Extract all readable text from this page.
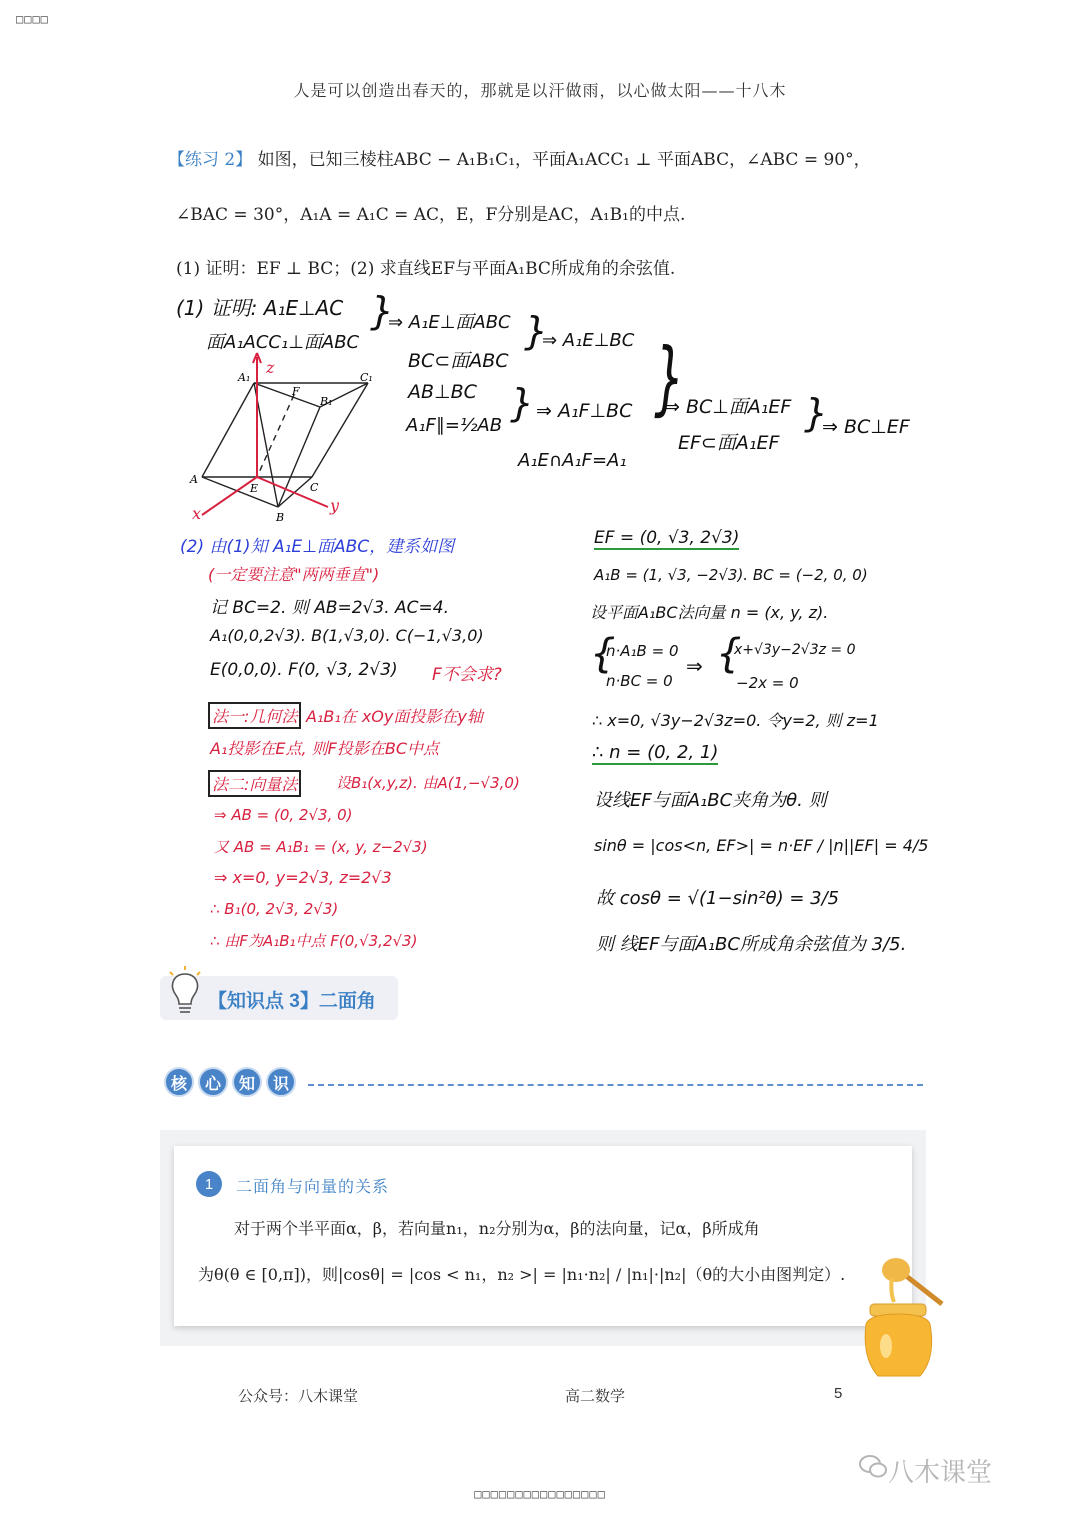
□□□□
人是可以创造出春天的，那就是以汗做雨，以心做太阳——十八木
【练习 2】 如图，已知三棱柱ABC − A₁B₁C₁，平面A₁ACC₁ ⊥ 平面ABC，∠ABC = 90°，
∠BAC = 30°，A₁A = A₁C = AC，E，F分别是AC，A₁B₁的中点.
(1) 证明：EF ⊥ BC；(2) 求直线EF与平面A₁BC所成角的余弦值.
z
x	y
A₁	C₁
B₁
F
A
E	C
B
(1) 证明: A₁E⊥AC
面A₁ACC₁⊥面ABC
}
⇒ A₁E⊥面ABC
BC⊂面ABC
}
⇒ A₁E⊥BC
AB⊥BC
A₁F∥=½AB
} ⇒ A₁F⊥BC
A₁E∩A₁F=A₁
}
⇒ BC⊥面A₁EF
EF⊂面A₁EF
}
⇒ BC⊥EF
(2) 由(1)知 A₁E⊥面ABC，建系如图
(一定要注意"两两垂直")
记 BC=2. 则 AB=2√3. AC=4.
A₁(0,0,2√3). B(1,√3,0). C(−1,√3,0)
E(0,0,0). F(0, √3, 2√3) F不会求?
法一:几何法 A₁B₁在 xOy面投影在y轴
A₁投影在E点, 则F投影在BC中点
法二:向量法	设B₁(x,y,z). 由A(1,−√3,0)
⇒ AB = (0, 2√3, 0)
又 AB = A₁B₁ = (x, y, z−2√3)
⇒ x=0, y=2√3, z=2√3
∴ B₁(0, 2√3, 2√3)
∴ 由F为A₁B₁中点 F(0,√3,2√3)
EF = (0, √3, 2√3)
A₁B = (1, √3, −2√3). BC = (−2, 0, 0)
设平面A₁BC法向量 n = (x, y, z).
{
n·A₁B = 0
n·BC = 0
⇒ {
x+√3y−2√3z = 0
−2x = 0
∴ x=0, √3y−2√3z=0. 令y=2, 则 z=1
∴ n = (0, 2, 1)
设线EF与面A₁BC夹角为θ. 则
sinθ = |cos<n, EF>| = n·EF / |n||EF| = 4/5
故 cosθ = √(1−sin²θ) = 3/5
则 线EF与面A₁BC所成角余弦值为 3/5.
【知识点 3】二面角
核	心	知	识
1	二面角与向量的关系
对于两个半平面α，β，若向量n₁，n₂分别为α，β的法向量，记α，β所成角
为θ(θ ∈ [0,π])，则|cosθ| = |cos < n₁，n₂ >| = |n₁·n₂| / |n₁|·|n₂|（θ的大小由图判定）.
公众号：八木课堂	高二数学	5
八木课堂
□□□□□□□□□□□□□□□□
